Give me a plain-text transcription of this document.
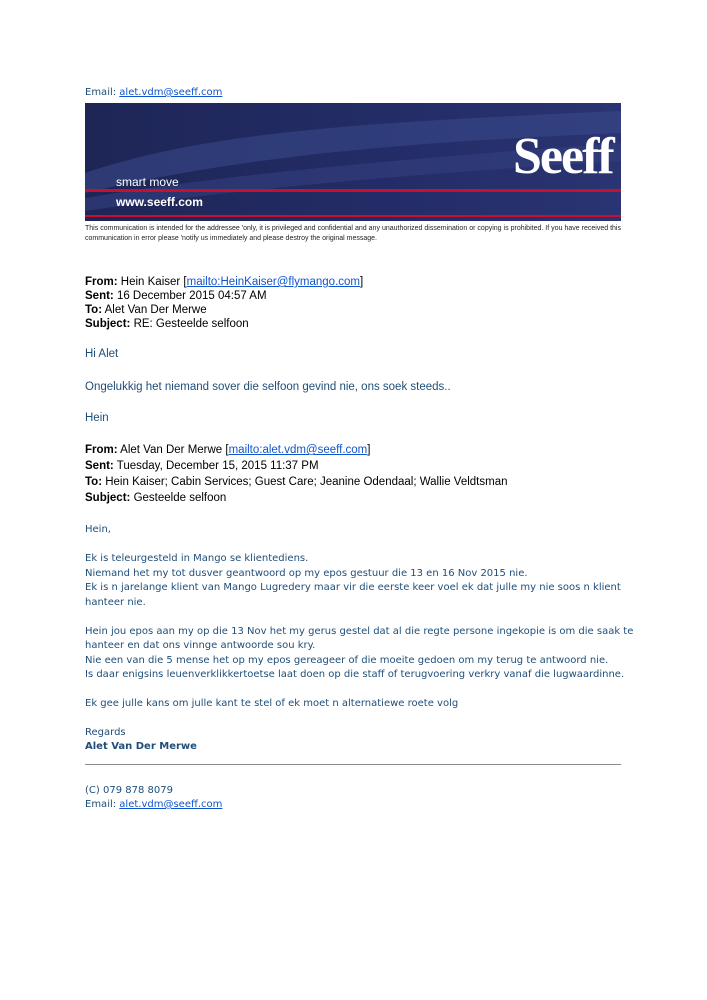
Email: alet.vdm@seeff.com
smart move
www.seeff.com
Seeff
This communication is intended for the addressee 'only, it is privileged and confidential and any unauthorized dissemination or copying is prohibited. If you have received this communication in error please 'notify us immediately and please destroy the original message.
From: Hein Kaiser [mailto:HeinKaiser@flymango.com]
Sent: 16 December 2015 04:57 AM
To: Alet Van Der Merwe
Subject: RE: Gesteelde selfoon
Hi Alet
Ongelukkig het niemand sover die selfoon gevind nie, ons soek steeds..
Hein
From: Alet Van Der Merwe [mailto:alet.vdm@seeff.com]
Sent: Tuesday, December 15, 2015 11:37 PM
To: Hein Kaiser; Cabin Services; Guest Care; Jeanine Odendaal; Wallie Veldtsman
Subject: Gesteelde selfoon
Hein,
Ek is teleurgesteld in Mango se klientediens.
Niemand het my tot dusver geantwoord op my epos gestuur die 13 en 16 Nov 2015 nie.
Ek is n jarelange klient van Mango Lugredery maar vir die eerste keer voel ek dat julle my nie soos n klient
hanteer nie.
Hein jou epos aan my op die 13 Nov het my gerus gestel dat al die regte persone ingekopie is om die saak te
hanteer en dat ons vinnge antwoorde sou kry.
Nie een van die 5 mense het op my epos gereageer of die moeite gedoen om my terug te antwoord nie.
Is daar enigsins leuenverklikkertoetse laat doen op die staff of terugvoering verkry vanaf die lugwaardinne.
Ek gee julle kans om julle kant te stel of ek moet n alternatiewe roete volg
Regards
Alet Van Der Merwe
(C) 079 878 8079
Email: alet.vdm@seeff.com
